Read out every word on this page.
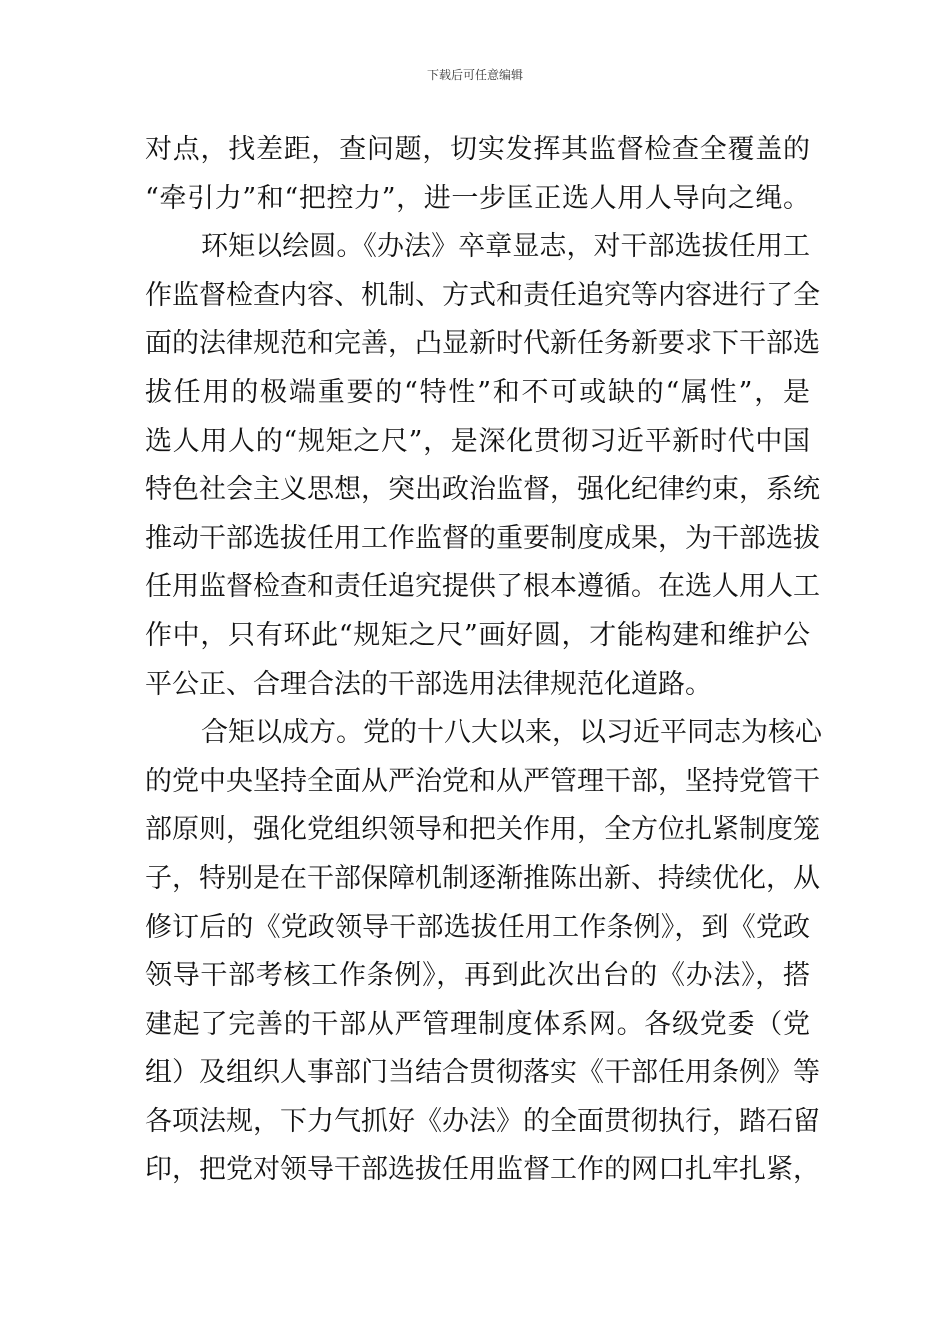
下载后可任意编辑
对点，找差距，查问题，切实发挥其监督检查全覆盖的
“牵引力”和“把控力”，进一步匡正选人用人导向之绳。
环矩以绘圆。《办法》卒章显志，对干部选拔任用工
作监督检查内容、机制、方式和责任追究等内容进行了全
面的法律规范和完善，凸显新时代新任务新要求下干部选
拔任用的极端重要的“特性”和不可或缺的“属性”，是
选人用人的“规矩之尺”，是深化贯彻习近平新时代中国
特色社会主义思想，突出政治监督，强化纪律约束，系统
推动干部选拔任用工作监督的重要制度成果，为干部选拔
任用监督检查和责任追究提供了根本遵循。在选人用人工
作中，只有环此“规矩之尺”画好圆，才能构建和维护公
平公正、合理合法的干部选用法律规范化道路。
合矩以成方。党的十八大以来，以习近平同志为核心
的党中央坚持全面从严治党和从严管理干部，坚持党管干
部原则，强化党组织领导和把关作用，全方位扎紧制度笼
子，特别是在干部保障机制逐渐推陈出新、持续优化，从
修订后的《党政领导干部选拔任用工作条例》，到《党政
领导干部考核工作条例》，再到此次出台的《办法》，搭
建起了完善的干部从严管理制度体系网。各级党委（党
组）及组织人事部门当结合贯彻落实《干部任用条例》等
各项法规，下力气抓好《办法》的全面贯彻执行，踏石留
印，把党对领导干部选拔任用监督工作的网口扎牢扎紧，
